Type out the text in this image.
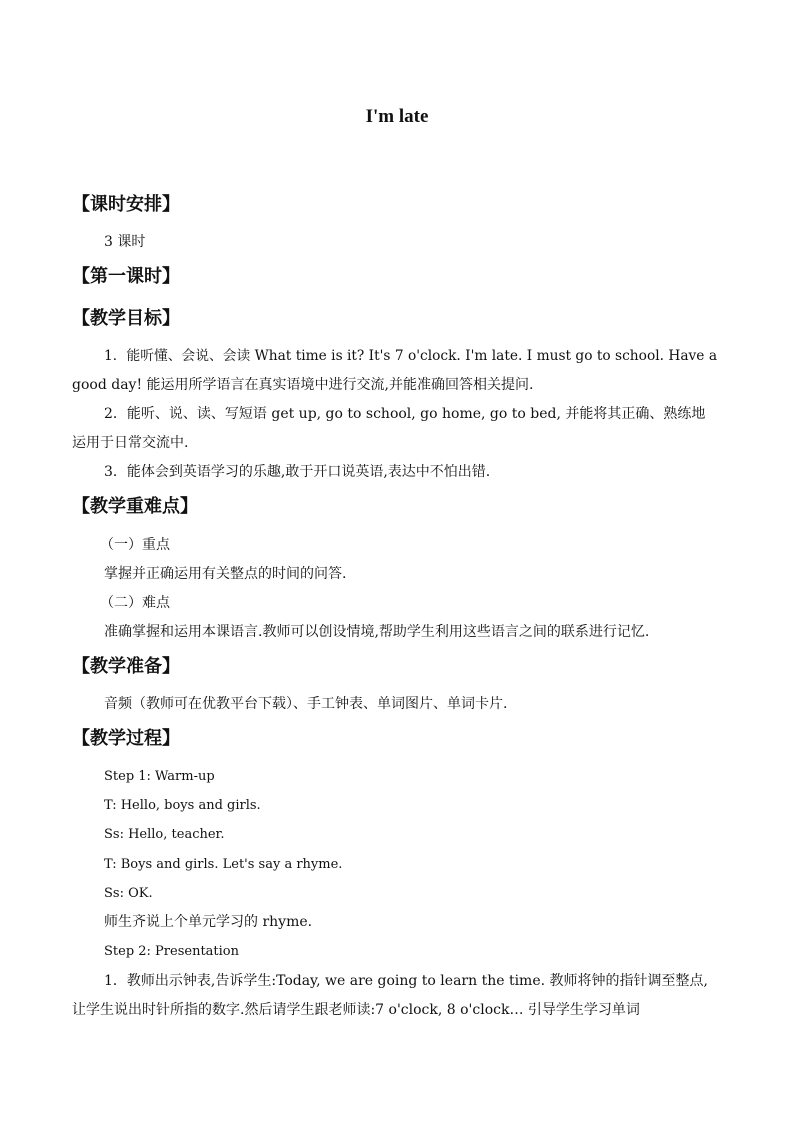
I'm late
【课时安排】
3 课时
【第一课时】
【教学目标】
1．能听懂、会说、会读 What time is it? It's 7 o'clock. I'm late. I must go to school. Have a
good day! 能运用所学语言在真实语境中进行交流,并能准确回答相关提问.
2．能听、说、读、写短语 get up, go to school, go home, go to bed, 并能将其正确、熟练地
运用于日常交流中.
3．能体会到英语学习的乐趣,敢于开口说英语,表达中不怕出错.
【教学重难点】
（一）重点
掌握并正确运用有关整点的时间的问答.
（二）难点
准确掌握和运用本课语言.教师可以创设情境,帮助学生利用这些语言之间的联系进行记忆.
【教学准备】
音频（教师可在优教平台下载）、手工钟表、单词图片、单词卡片.
【教学过程】
Step 1: Warm-up
T: Hello, boys and girls.
Ss: Hello, teacher.
T: Boys and girls. Let's say a rhyme.
Ss: OK.
师生齐说上个单元学习的 rhyme.
Step 2: Presentation
1．教师出示钟表,告诉学生:Today, we are going to learn the time. 教师将钟的指针调至整点,
让学生说出时针所指的数字.然后请学生跟老师读:7 o'clock, 8 o'clock… 引导学生学习单词
